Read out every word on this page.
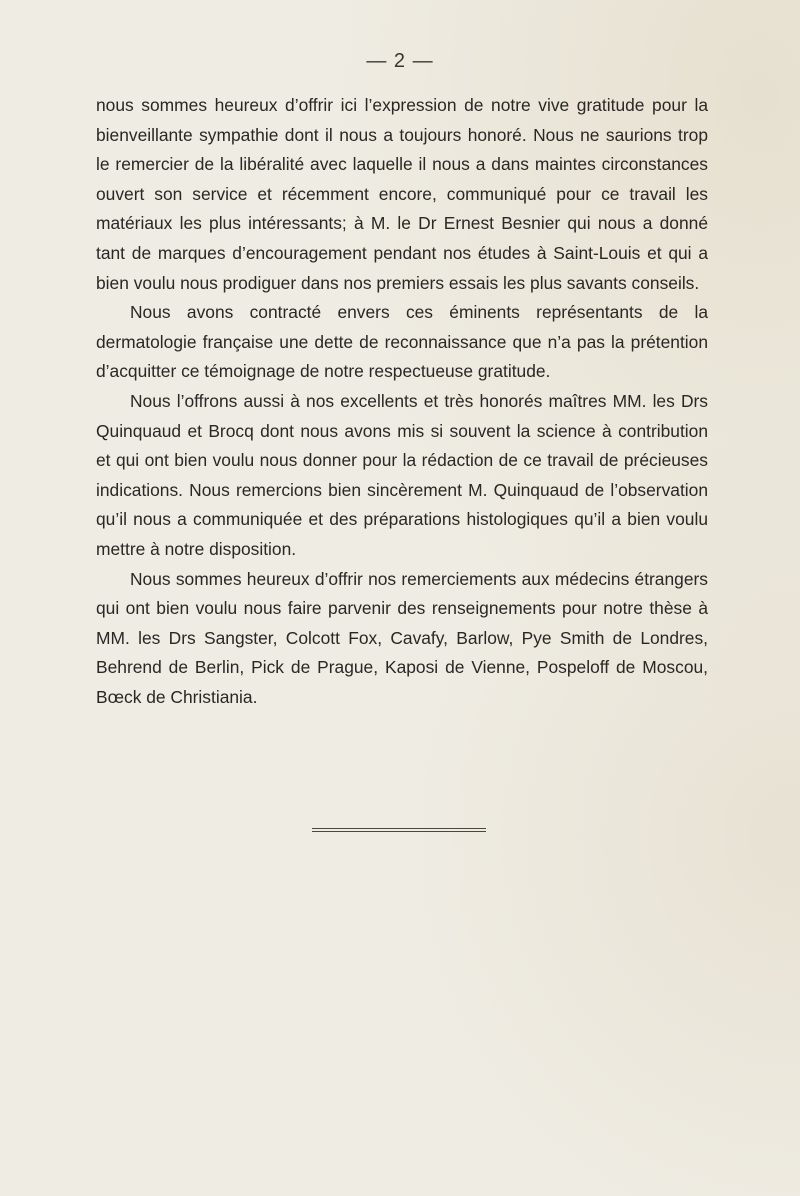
— 2 —

nous sommes heureux d’offrir ici l’expression de notre vive gratitude pour la bienveillante sympathie dont il nous a toujours honoré. Nous ne saurions trop le remercier de la libéralité avec laquelle il nous a dans maintes circonstances ouvert son service et récemment encore, communiqué pour ce travail les matériaux les plus intéressants; à M. le Dr Ernest Besnier qui nous a donné tant de marques d’encouragement pendant nos études à Saint-Louis et qui a bien voulu nous prodiguer dans nos premiers essais les plus savants conseils.

Nous avons contracté envers ces éminents représentants de la dermatologie française une dette de reconnaissance que n’a pas la prétention d’acquitter ce témoignage de notre respectueuse gratitude.

Nous l’offrons aussi à nos excellents et très honorés maîtres MM. les Drs Quinquaud et Brocq dont nous avons mis si souvent la science à contribution et qui ont bien voulu nous donner pour la rédaction de ce travail de précieuses indications. Nous remercions bien sincèrement M. Quinquaud de l’observation qu’il nous a communiquée et des préparations histologiques qu’il a bien voulu mettre à notre disposition.

Nous sommes heureux d’offrir nos remerciements aux médecins étrangers qui ont bien voulu nous faire parvenir des renseignements pour notre thèse à MM. les Drs Sangster, Colcott Fox, Cavafy, Barlow, Pye Smith de Londres, Behrend de Berlin, Pick de Prague, Kaposi de Vienne, Pospeloff de Moscou, Bœck de Christiania.
